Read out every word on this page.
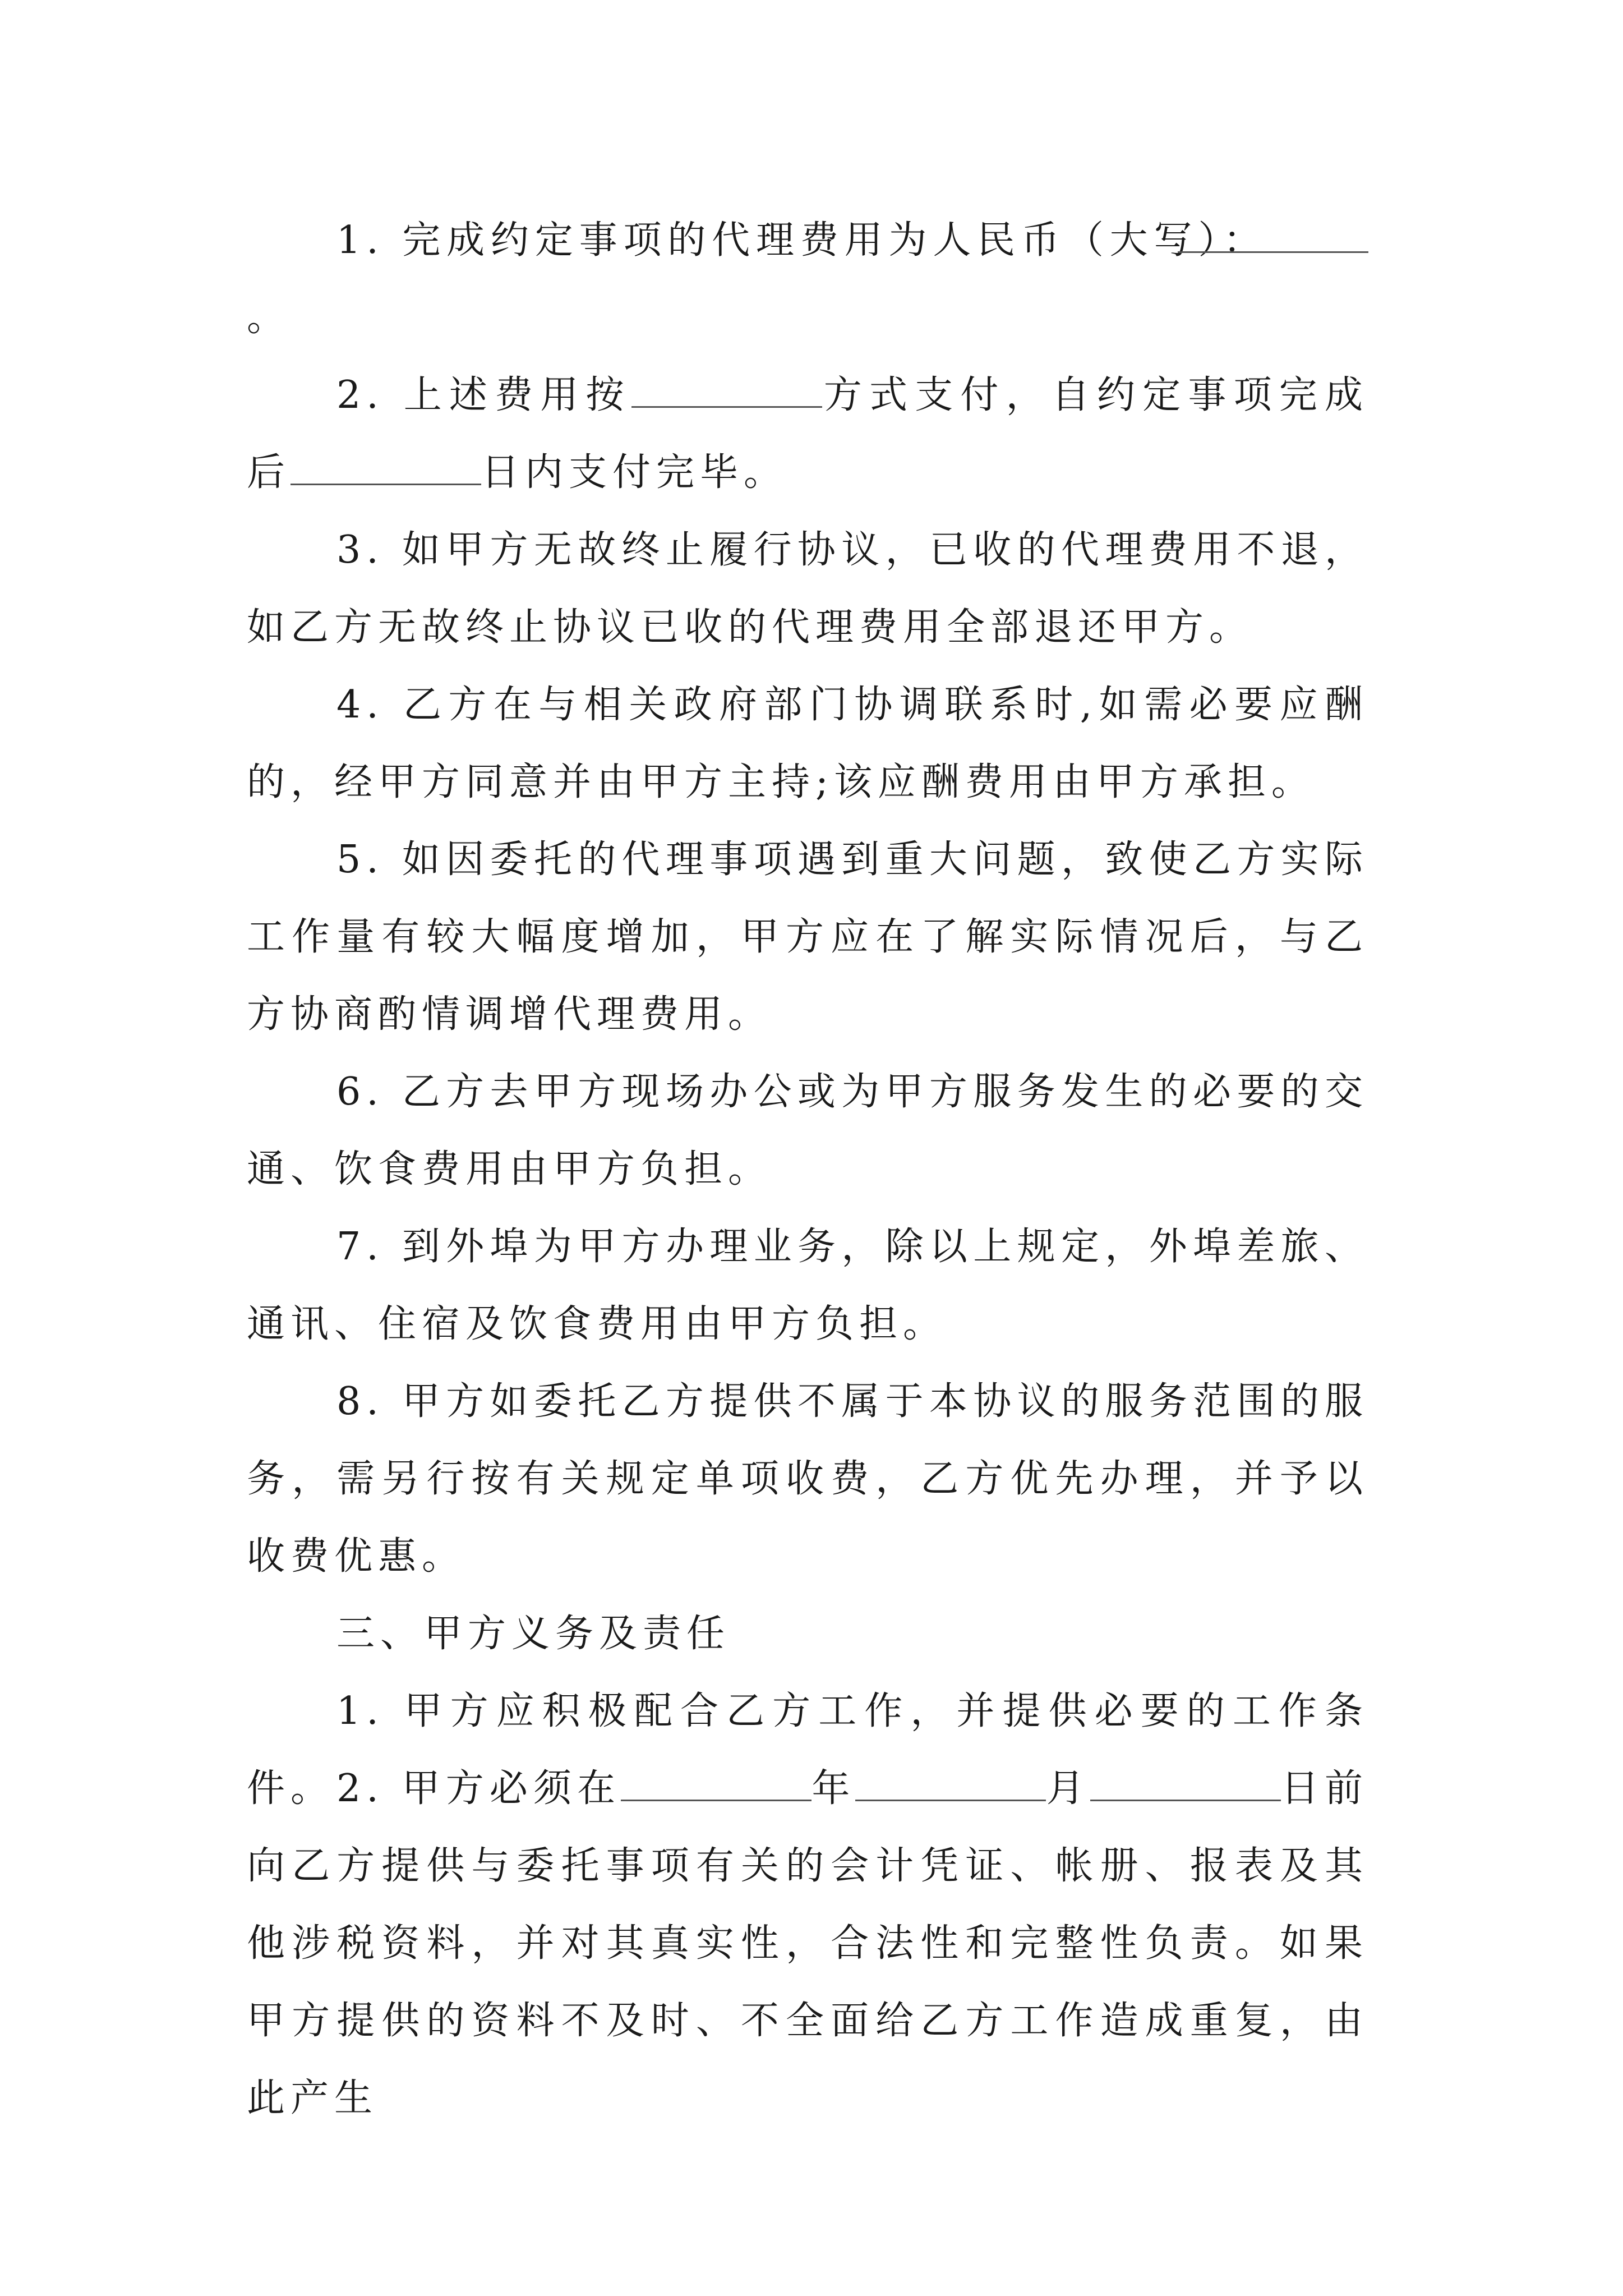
1. 完成约定事项的代理费用为人民币（大写）：。

2. 上述费用按	方式支付，自约定事项完成后	日内支付完毕。

3. 如甲方无故终止履行协议，已收的代理费用不退，如乙方无故终止协议已收的代理费用全部退还甲方。

4. 乙方在与相关政府部门协调联系时,如需必要应酬的，经甲方同意并由甲方主持;该应酬费用由甲方承担。

5. 如因委托的代理事项遇到重大问题，致使乙方实际工作量有较大幅度增加，甲方应在了解实际情况后，与乙方协商酌情调增代理费用。

6. 乙方去甲方现场办公或为甲方服务发生的必要的交通、饮食费用由甲方负担。

7. 到外埠为甲方办理业务，除以上规定，外埠差旅、通讯、住宿及饮食费用由甲方负担。

8. 甲方如委托乙方提供不属于本协议的服务范围的服务，需另行按有关规定单项收费，乙方优先办理，并予以收费优惠。

三、甲方义务及责任

1. 甲方应积极配合乙方工作，并提供必要的工作条件。 2. 甲方必须在	年	月	日前向乙方提供与委托事项有关的会计凭证、帐册、报表及其他涉税资料，并对其真实性，合法性和完整性负责。如果甲方提供的资料不及时、不全面给乙方工作造成重复，由此产生
